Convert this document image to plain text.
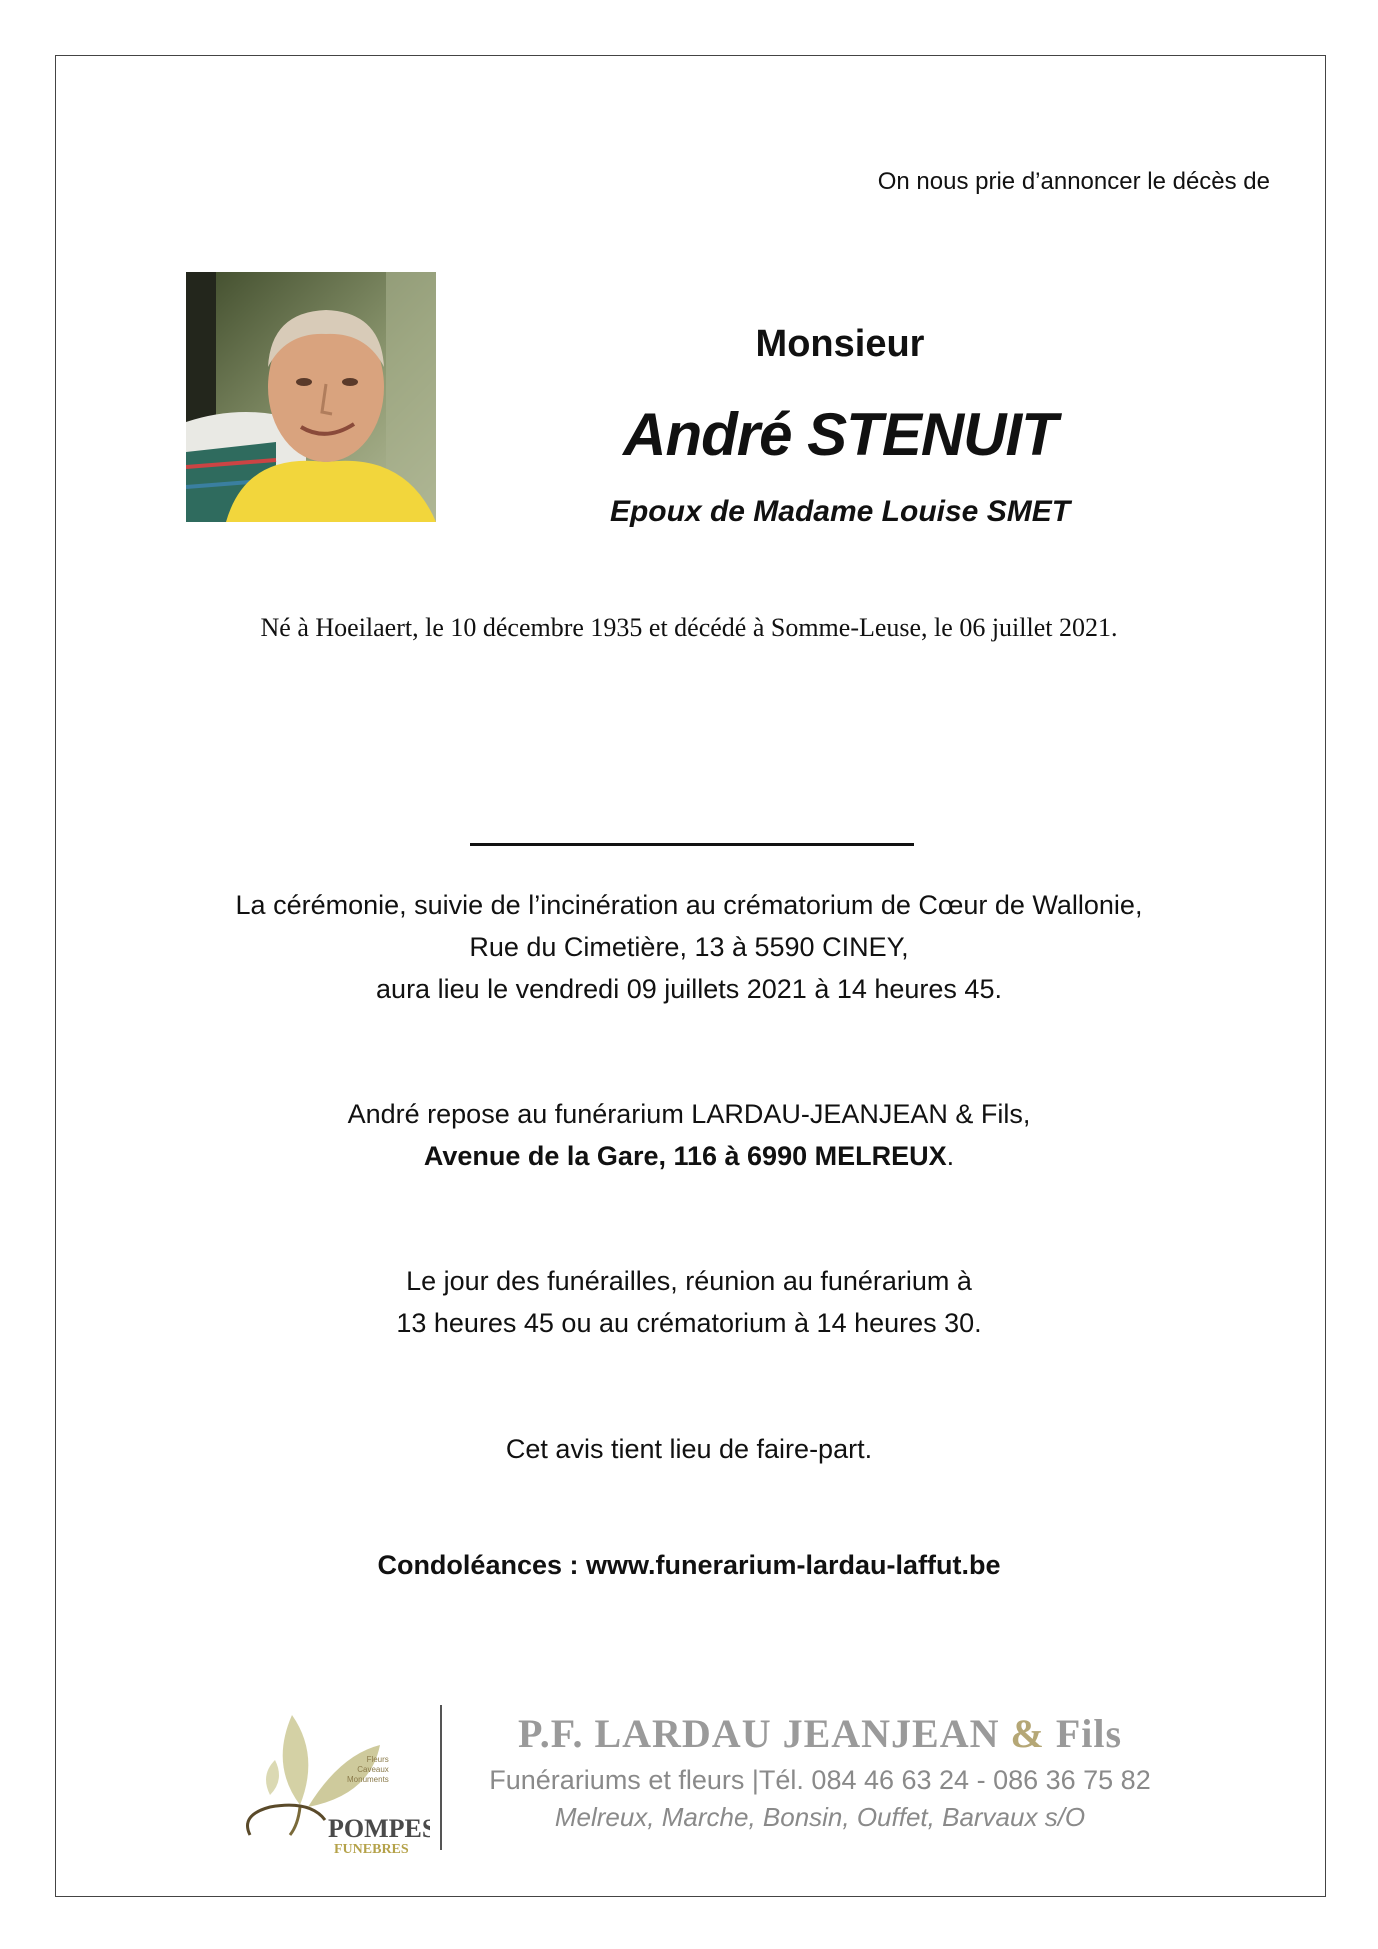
On nous prie d’annoncer le décès de
Monsieur
André STENUIT
Epoux de Madame Louise SMET
Né à Hoeilaert, le 10 décembre 1935 et décédé à Somme-Leuse, le 06 juillet 2021.
La cérémonie, suivie de l’incinération au crématorium de Cœur de Wallonie,
Rue du Cimetière, 13 à 5590 CINEY,
aura lieu le vendredi 09 juillets 2021 à 14 heures 45.
André repose au funérarium LARDAU-JEANJEAN & Fils,
Avenue de la Gare, 116 à 6990 MELREUX.
Le jour des funérailles, réunion au funérarium à
13 heures 45 ou au crématorium à 14 heures 30.
Cet avis tient lieu de faire-part.
Condoléances : www.funerarium-lardau-laffut.be
POMPES
FUNEBRES
Fleurs
Caveaux
Monuments
P.F. LARDAU JEANJEAN & Fils
Funérariums et fleurs |Tél. 084 46 63 24 - 086 36 75 82
Melreux, Marche, Bonsin, Ouffet, Barvaux s/O
